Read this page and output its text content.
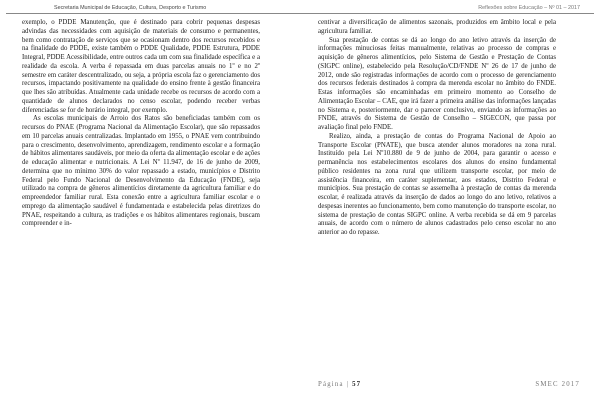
Secretaria Municipal de Educação, Cultura, Desporto e Turismo	Reflexões sobre Educação – Nº 01 – 2017

exemplo, o PDDE Manutenção, que é destinado para cobrir pequenas despesas advindas das necessidades com aquisição de materiais de consumo e permanentes, bem como contratação de serviços que se ocasionam dentro dos recursos recebidos e na finalidade do PDDE, existe também o PDDE Qualidade, PDDE Estrutura, PDDE Integral, PDDE Acessibilidade, entre outros cada um com sua finalidade específica e a realidade da escola. A verba é repassada em duas parcelas anuais no 1º e no 2º semestre em caráter descentralizado, ou seja, a própria escola faz o gerenciamento dos recursos, impactando positivamente na qualidade do ensino frente à gestão financeira que lhes são atribuídas. Atualmente cada unidade recebe os recursos de acordo com a quantidade de alunos declarados no censo escolar, podendo receber verbas diferenciadas se for de horário integral, por exemplo.

As escolas municipais de Arroio dos Ratos são beneficiadas também com os recursos do PNAE (Programa Nacional da Alimentação Escolar), que são repassados em 10 parcelas anuais centralizadas. Implantado em 1955, o PNAE vem contribuindo para o crescimento, desenvolvimento, aprendizagem, rendimento escolar e a formação de hábitos alimentares saudáveis, por meio da oferta da alimentação escolar e de ações de educação alimentar e nutricionais. A Lei Nº 11.947, de 16 de junho de 2009, determina que no mínimo 30% do valor repassado a estado, municípios e Distrito Federal pelo Fundo Nacional de Desenvolvimento da Educação (FNDE), seja utilizado na compra de gêneros alimentícios diretamente da agricultura familiar e do empreendedor familiar rural. Esta conexão entre a agricultura familiar escolar e o emprego da alimentação saudável é fundamentada e estabelecida pelas diretrizes do PNAE, respeitando a cultura, as tradições e os hábitos alimentares regionais, buscam compreender e in-

centivar a diversificação de alimentos sazonais, produzidos em âmbito local e pela agricultura familiar.

Sua prestação de contas se dá ao longo do ano letivo através da inserção de informações minuciosas feitas manualmente, relativas ao processo de compras e aquisição de gêneros alimentícios, pelo Sistema de Gestão e Prestação de Contas (SIGPC online), estabelecido pela Resolução/CD/FNDE Nº 26 de 17 de junho de 2012, onde são registradas informações de acordo com o processo de gerenciamento dos recursos federais destinados à compra da merenda escolar no âmbito do FNDE. Estas informações são encaminhadas em primeiro momento ao Conselho de Alimentação Escolar – CAE, que irá fazer a primeira análise das informações lançadas no Sistema e, posteriormente, dar o parecer conclusivo, enviando as informações ao FNDE, através do Sistema de Gestão de Conselho – SIGECON, que passa por avaliação final pelo FNDE.

Realizo, ainda, a prestação de contas do Programa Nacional de Apoio ao Transporte Escolar (PNATE), que busca atender alunos moradores na zona rural. Instituído pela Lei Nº10.880 de 9 de junho de 2004, para garantir o acesso e permanência nos estabelecimentos escolares dos alunos do ensino fundamental público residentes na zona rural que utilizem transporte escolar, por meio de assistência financeira, em caráter suplementar, aos estados, Distrito Federal e municípios. Sua prestação de contas se assemelha à prestação de contas da merenda escolar, é realizada através da inserção de dados ao longo do ano letivo, relativos a despesas inerentes ao funcionamento, bem como manutenção do transporte escolar, no sistema de prestação de contas SIGPC online. A verba recebida se dá em 9 parcelas anuais, de acordo com o número de alunos cadastrados pelo censo escolar no ano anterior ao do repasse.

Página | 57	SMEC 2017
